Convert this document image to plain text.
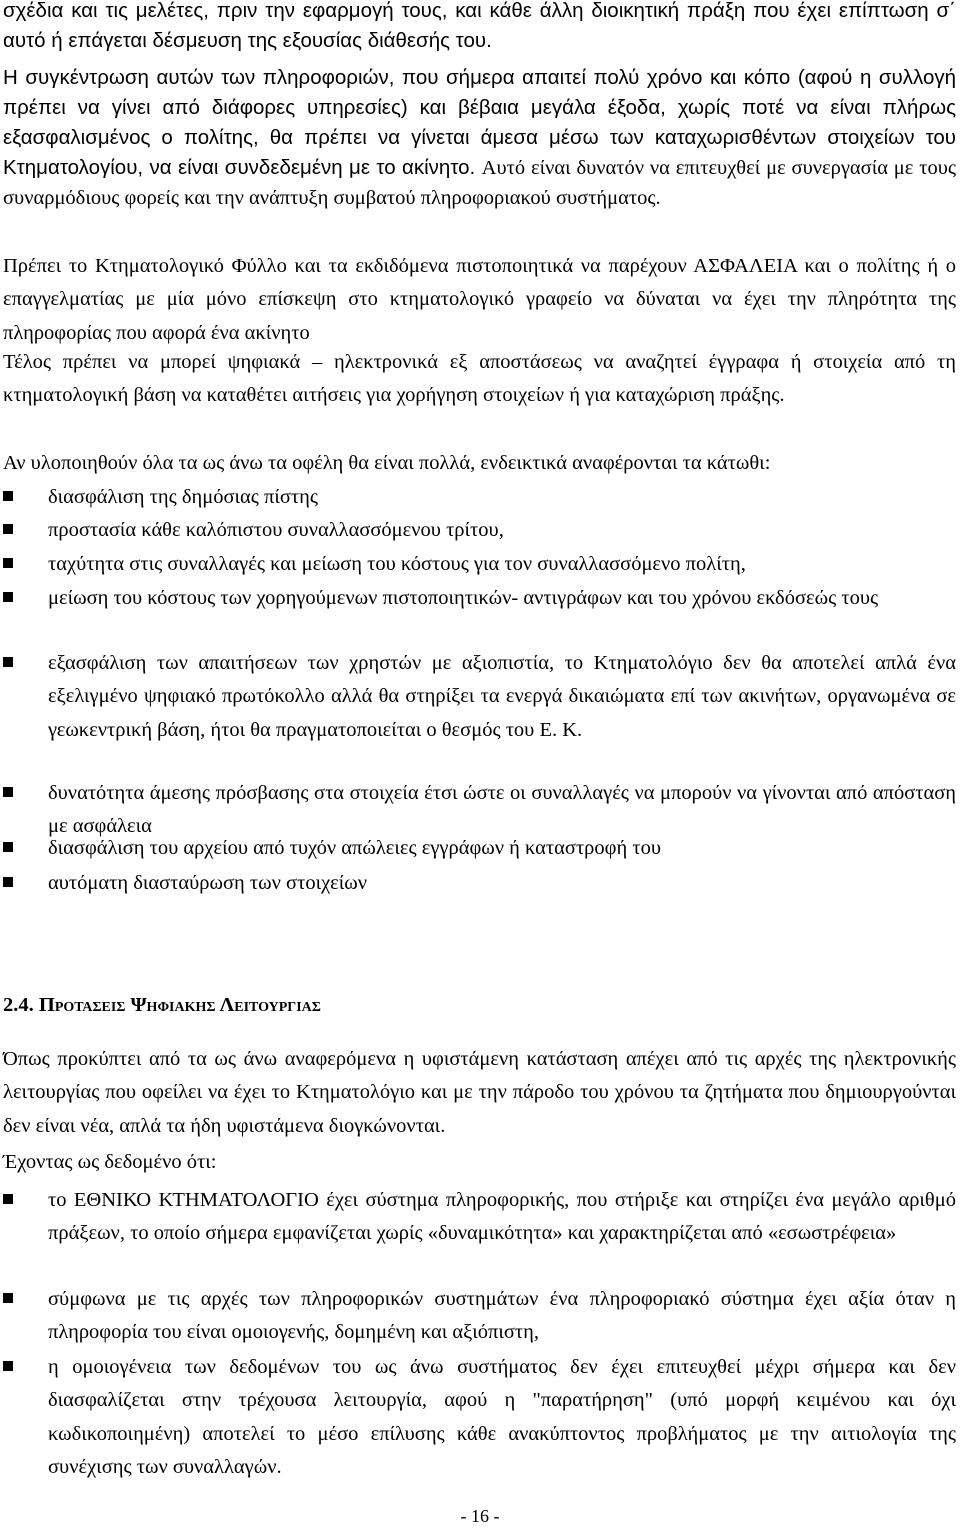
σχέδια και τις μελέτες, πριν την εφαρμογή τους, και κάθε άλλη διοικητική πράξη που έχει επίπτωση σ΄ αυτό ή επάγεται δέσμευση της εξουσίας διάθεσής του.

Η συγκέντρωση αυτών των πληροφοριών, που σήμερα απαιτεί πολύ χρόνο και κόπο (αφού η συλλογή πρέπει να γίνει από διάφορες υπηρεσίες) και βέβαια μεγάλα έξοδα, χωρίς ποτέ να είναι πλήρως εξασφαλισμένος ο πολίτης, θα πρέπει να γίνεται άμεσα μέσω των καταχωρισθέντων στοιχείων του Κτηματολογίου, να είναι συνδεδεμένη με το ακίνητο. Αυτό είναι δυνατόν να επιτευχθεί με συνεργασία με τους συναρμόδιους φορείς και την ανάπτυξη συμβατού πληροφοριακού συστήματος.

Πρέπει το Κτηματολογικό Φύλλο και τα εκδιδόμενα πιστοποιητικά να παρέχουν ΑΣΦΑΛΕΙΑ και ο πολίτης ή ο επαγγελματίας με μία μόνο επίσκεψη στο κτηματολογικό γραφείο να δύναται να έχει την πληρότητα της πληροφορίας που αφορά ένα ακίνητο

Τέλος πρέπει να μπορεί ψηφιακά – ηλεκτρονικά εξ αποστάσεως να αναζητεί έγγραφα ή στοιχεία από τη κτηματολογική βάση να καταθέτει αιτήσεις για χορήγηση στοιχείων ή για καταχώριση πράξης.

Αν υλοποιηθούν όλα τα ως άνω τα οφέλη θα είναι πολλά, ενδεικτικά αναφέρονται τα κάτωθι:

διασφάλιση της δημόσιας πίστης
προστασία κάθε καλόπιστου συναλλασσόμενου τρίτου,
ταχύτητα στις συναλλαγές και μείωση του κόστους για τον συναλλασσόμενο πολίτη,
μείωση του κόστους των χορηγούμενων πιστοποιητικών- αντιγράφων και του χρόνου εκδόσεώς τους
εξασφάλιση των απαιτήσεων των χρηστών με αξιοπιστία, το Κτηματολόγιο δεν θα αποτελεί απλά ένα εξελιγμένο ψηφιακό πρωτόκολλο αλλά θα στηρίξει τα ενεργά δικαιώματα επί των ακινήτων, οργανωμένα σε γεωκεντρική βάση, ήτοι θα πραγματοποιείται ο θεσμός του Ε. Κ.
δυνατότητα άμεσης πρόσβασης στα στοιχεία έτσι ώστε οι συναλλαγές να μπορούν να γίνονται από απόσταση με ασφάλεια
διασφάλιση του αρχείου από τυχόν απώλειες εγγράφων ή καταστροφή του
αυτόματη διασταύρωση των στοιχείων
2.4. Προτασεισ Ψηφιακησ Λειτουργιασ

Όπως προκύπτει από τα ως άνω αναφερόμενα η υφιστάμενη κατάσταση απέχει από τις αρχές της ηλεκτρονικής λειτουργίας που οφείλει να έχει το Κτηματολόγιο και με την πάροδο του χρόνου τα ζητήματα που δημιουργούνται δεν είναι νέα, απλά τα ήδη υφιστάμενα διογκώνονται.

Έχοντας ως δεδομένο ότι:

το ΕΘΝΙΚΟ ΚΤΗΜΑΤΟΛΟΓΙΟ έχει σύστημα πληροφορικής, που στήριξε και στηρίζει ένα μεγάλο αριθμό πράξεων, το οποίο σήμερα εμφανίζεται χωρίς «δυναμικότητα» και χαρακτηρίζεται από «εσωστρέφεια»
σύμφωνα με τις αρχές των πληροφορικών συστημάτων ένα πληροφοριακό σύστημα έχει αξία όταν η πληροφορία του είναι ομοιογενής, δομημένη και αξιόπιστη,
η ομοιογένεια των δεδομένων του ως άνω συστήματος δεν έχει επιτευχθεί μέχρι σήμερα και δεν διασφαλίζεται στην τρέχουσα λειτουργία, αφού η "παρατήρηση" (υπό μορφή κειμένου και όχι κωδικοποιημένη) αποτελεί το μέσο επίλυσης κάθε ανακύπτοντος προβλήματος με την αιτιολογία της συνέχισης των συναλλαγών.
- 16 -
